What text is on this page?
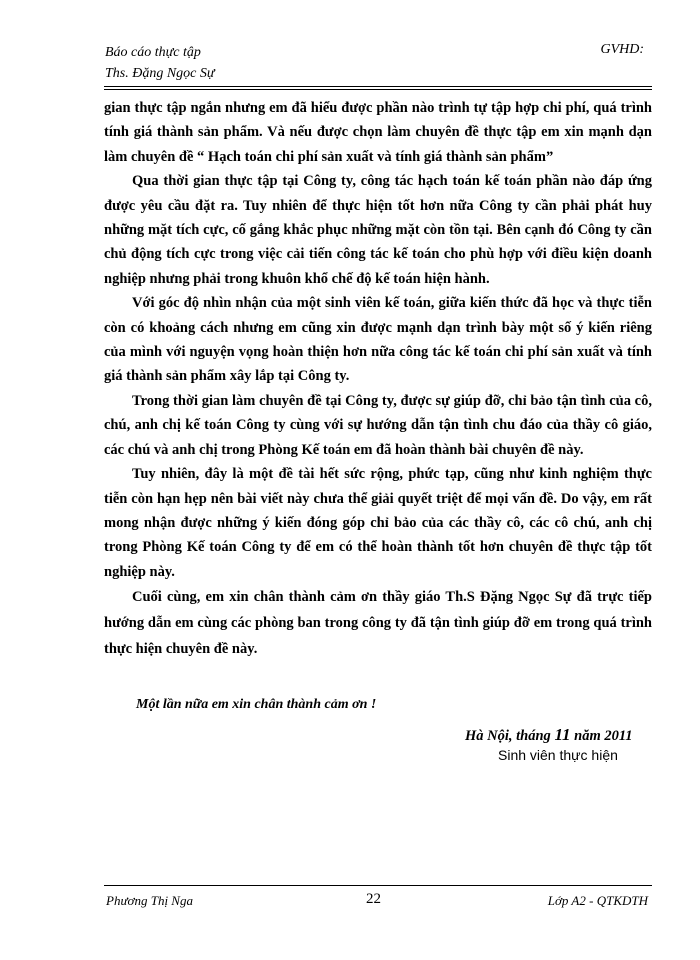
Báo cáo thực tập
Ths. Đặng Ngọc Sự
GVHD:

gian thực tập ngắn nhưng em đã hiểu được phần nào trình tự tập hợp chi phí, quá trình tính giá thành sản phẩm. Và nếu được chọn làm chuyên đề thực tập em xin mạnh dạn làm chuyên đề “ Hạch toán chi phí sản xuất và tính giá thành sản phẩm”

Qua thời gian thực tập tại Công ty, công tác hạch toán kế toán phần nào đáp ứng được yêu cầu đặt ra. Tuy nhiên để thực hiện tốt hơn nữa Công ty cần phải phát huy những mặt tích cực, cố gắng khắc phục những mặt còn tồn tại. Bên cạnh đó Công ty cần chủ động tích cực trong việc cải tiến công tác kế toán cho phù hợp với điều kiện doanh nghiệp nhưng phải trong khuôn khổ chế độ kế toán hiện hành.

Với góc độ nhìn nhận của một sinh viên kế toán, giữa kiến thức đã học và thực tiễn còn có khoảng cách nhưng em cũng xin được mạnh dạn trình bày một số ý kiến riêng của mình với nguyện vọng hoàn thiện hơn nữa công tác kế toán chi phí sản xuất và tính giá thành sản phẩm xây lắp tại Công ty.

Trong thời gian làm chuyên đề tại Công ty, được sự giúp đỡ, chỉ bảo tận tình của cô, chú, anh chị kế toán Công ty cùng với sự hướng dẫn tận tình chu đáo của thầy cô giáo, các chú và anh chị trong Phòng Kế toán em đã hoàn thành bài chuyên đề này.

Tuy nhiên, đây là một đề tài hết sức rộng, phức tạp, cũng như kinh nghiệm thực tiễn còn hạn hẹp nên bài viết này chưa thể giải quyết triệt để mọi vấn đề. Do vậy, em rất mong nhận được những ý kiến đóng góp chỉ bảo của các thầy cô, các cô chú, anh chị trong Phòng Kế toán Công ty để em có thể hoàn thành tốt hơn chuyên đề thực tập tốt nghiệp này.

Cuối cùng, em xin chân thành cảm ơn thầy giáo Th.S Đặng Ngọc Sự đã trực tiếp hướng dẫn em cùng các phòng ban trong công ty đã tận tình giúp đỡ em trong quá trình thực hiện chuyên đề này.

Một lần nữa em xin chân thành cảm ơn !
Hà Nội, tháng 11 năm 2011
Sinh viên thực hiện
Phương Thị Nga	22	Lớp A2 - QTKDTH
